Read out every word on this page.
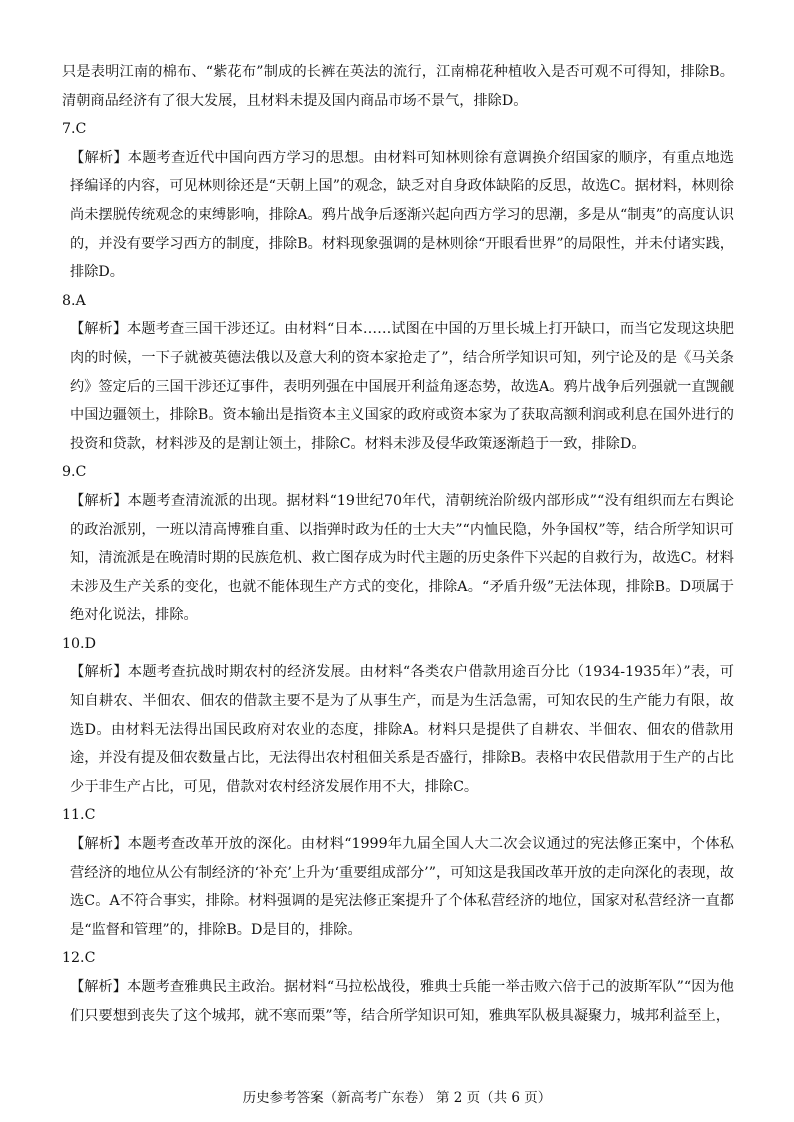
只是表明江南的棉布、“紫花布”制成的长裤在英法的流行，江南棉花种植收入是否可观不可得知，排除B。清朝商品经济有了很大发展，且材料未提及国内商品市场不景气，排除D。

7.C

【解析】本题考查近代中国向西方学习的思想。由材料可知林则徐有意调换介绍国家的顺序，有重点地选择编译的内容，可见林则徐还是“天朝上国”的观念，缺乏对自身政体缺陷的反思，故选C。据材料，林则徐尚未摆脱传统观念的束缚影响，排除A。鸦片战争后逐渐兴起向西方学习的思潮，多是从“制夷”的高度认识的，并没有要学习西方的制度，排除B。材料现象强调的是林则徐“开眼看世界”的局限性，并未付诸实践，排除D。

8.A

【解析】本题考查三国干涉还辽。由材料“日本……试图在中国的万里长城上打开缺口，而当它发现这块肥肉的时候，一下子就被英德法俄以及意大利的资本家抢走了”，结合所学知识可知，列宁论及的是《马关条约》签定后的三国干涉还辽事件，表明列强在中国展开利益角逐态势，故选A。鸦片战争后列强就一直觊觎中国边疆领土，排除B。资本输出是指资本主义国家的政府或资本家为了获取高额利润或利息在国外进行的投资和贷款，材料涉及的是割让领土，排除C。材料未涉及侵华政策逐渐趋于一致，排除D。

9.C

【解析】本题考查清流派的出现。据材料“19世纪70年代，清朝统治阶级内部形成”“没有组织而左右舆论的政治派别，一班以清高博雅自重、以指弹时政为任的士大夫”“内恤民隐，外争国权”等，结合所学知识可知，清流派是在晚清时期的民族危机、救亡图存成为时代主题的历史条件下兴起的自救行为，故选C。材料未涉及生产关系的变化，也就不能体现生产方式的变化，排除A。“矛盾升级”无法体现，排除B。D项属于绝对化说法，排除。

10.D

【解析】本题考查抗战时期农村的经济发展。由材料“各类农户借款用途百分比（1934-1935年）”表，可知自耕农、半佃农、佃农的借款主要不是为了从事生产，而是为生活急需，可知农民的生产能力有限，故选D。由材料无法得出国民政府对农业的态度，排除A。材料只是提供了自耕农、半佃农、佃农的借款用途，并没有提及佃农数量占比，无法得出农村租佃关系是否盛行，排除B。表格中农民借款用于生产的占比少于非生产占比，可见，借款对农村经济发展作用不大，排除C。

11.C

【解析】本题考查改革开放的深化。由材料“1999年九届全国人大二次会议通过的宪法修正案中，个体私营经济的地位从公有制经济的‘补充’上升为‘重要组成部分’”，可知这是我国改革开放的走向深化的表现，故选C。A不符合事实，排除。材料强调的是宪法修正案提升了个体私营经济的地位，国家对私营经济一直都是“监督和管理”的，排除B。D是目的，排除。

12.C

【解析】本题考查雅典民主政治。据材料“马拉松战役，雅典士兵能一举击败六倍于己的波斯军队”“因为他们只要想到丧失了这个城邦，就不寒而栗”等，结合所学知识可知，雅典军队极具凝聚力，城邦利益至上，

历史参考答案（新高考广东卷） 第 2 页（共 6 页）
